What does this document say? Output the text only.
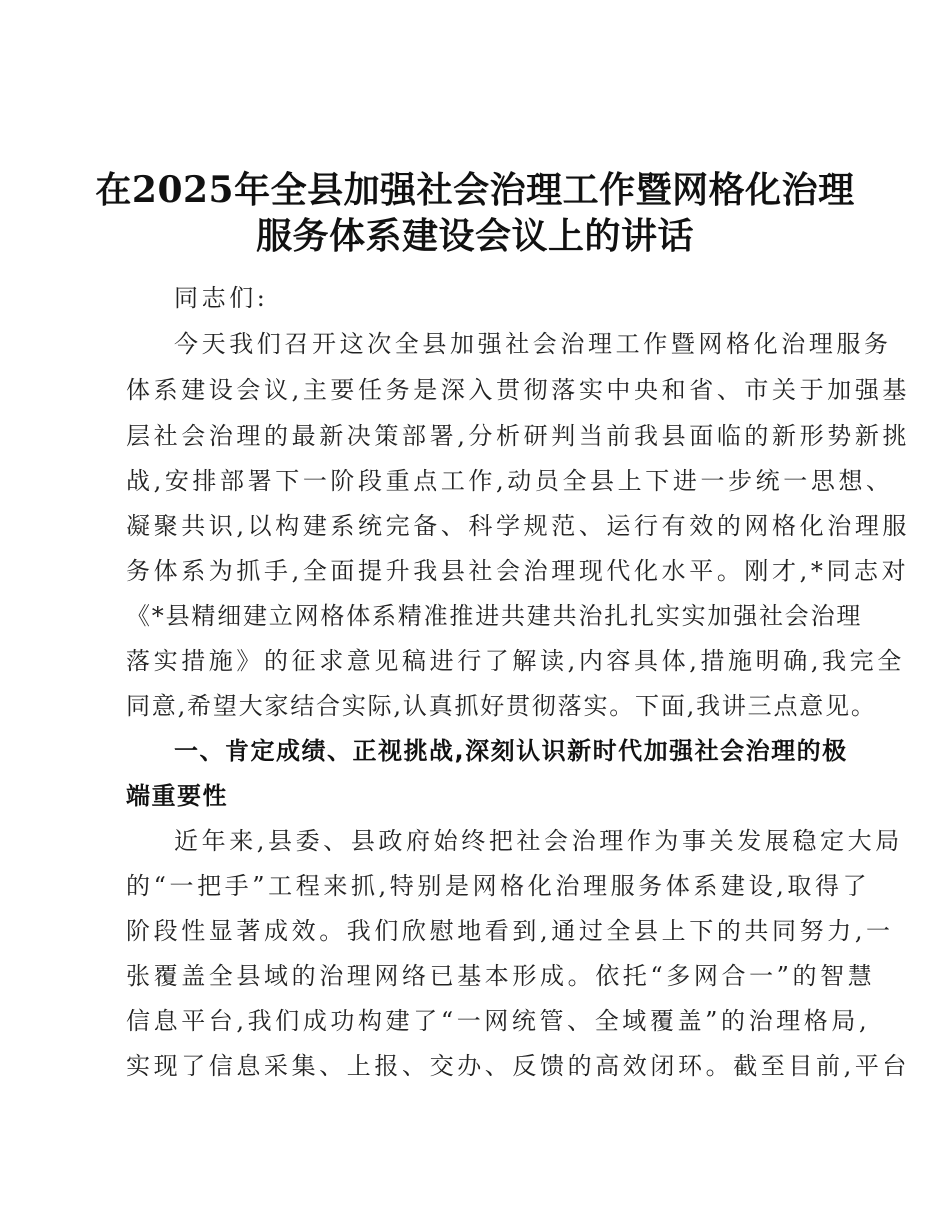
在2025年全县加强社会治理工作暨网格化治理
服务体系建设会议上的讲话
同志们:
今天我们召开这次全县加强社会治理工作暨网格化治理服务
体系建设会议,主要任务是深入贯彻落实中央和省、市关于加强基
层社会治理的最新决策部署,分析研判当前我县面临的新形势新挑
战,安排部署下一阶段重点工作,动员全县上下进一步统一思想、
凝聚共识,以构建系统完备、科学规范、运行有效的网格化治理服
务体系为抓手,全面提升我县社会治理现代化水平。刚才,*同志对
《*县精细建立网格体系精准推进共建共治扎扎实实加强社会治理
落实措施》的征求意见稿进行了解读,内容具体,措施明确,我完全
同意,希望大家结合实际,认真抓好贯彻落实。下面,我讲三点意见。
一、肯定成绩、正视挑战,深刻认识新时代加强社会治理的极
端重要性
近年来,县委、县政府始终把社会治理作为事关发展稳定大局
的“一把手”工程来抓,特别是网格化治理服务体系建设,取得了
阶段性显著成效。我们欣慰地看到,通过全县上下的共同努力,一
张覆盖全县域的治理网络已基本形成。依托“多网合一”的智慧
信息平台,我们成功构建了“一网统管、全域覆盖”的治理格局,
实现了信息采集、上报、交办、反馈的高效闭环。截至目前,平台
